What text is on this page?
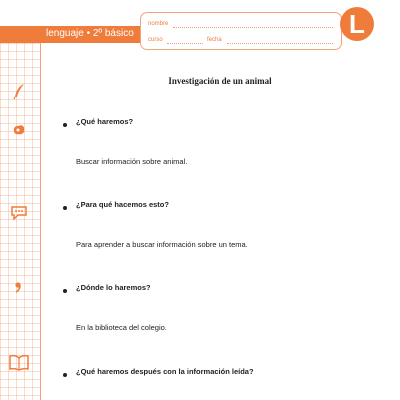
lenguaje • 2º básico
nombre
curso	fecha
L
Investigación de un animal
¿Qué haremos?
Buscar información sobre animal.
¿Para qué hacemos esto?
Para aprender a buscar información sobre un tema.
¿Dónde lo haremos?
En la biblioteca del colegio.
¿Qué haremos después con la información leída?
